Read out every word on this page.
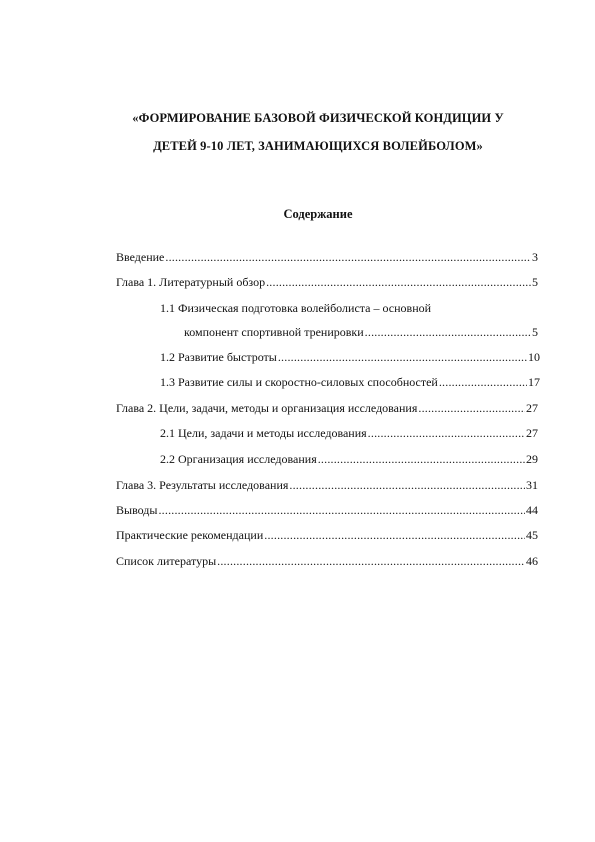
«ФОРМИРОВАНИЕ БАЗОВОЙ ФИЗИЧЕСКОЙ КОНДИЦИИ У
ДЕТЕЙ 9-10 ЛЕТ, ЗАНИМАЮЩИХСЯ ВОЛЕЙБОЛОМ»
Содержание
Введение .....	3
Глава 1. Литературный обзор .....	5
1.1 Физическая подготовка волейболиста – основной
компонент спортивной тренировки .....	5
1.2 Развитие быстроты .....	10
1.3 Развитие силы и скоростно-силовых способностей .....	17
Глава 2. Цели, задачи, методы и организация исследования .....	27
2.1 Цели, задачи и методы исследования .....	27
2.2 Организация исследования .....	29
Глава 3. Результаты исследования .....	31
Выводы .....	44
Практические рекомендации .....	45
Список литературы .....	46
